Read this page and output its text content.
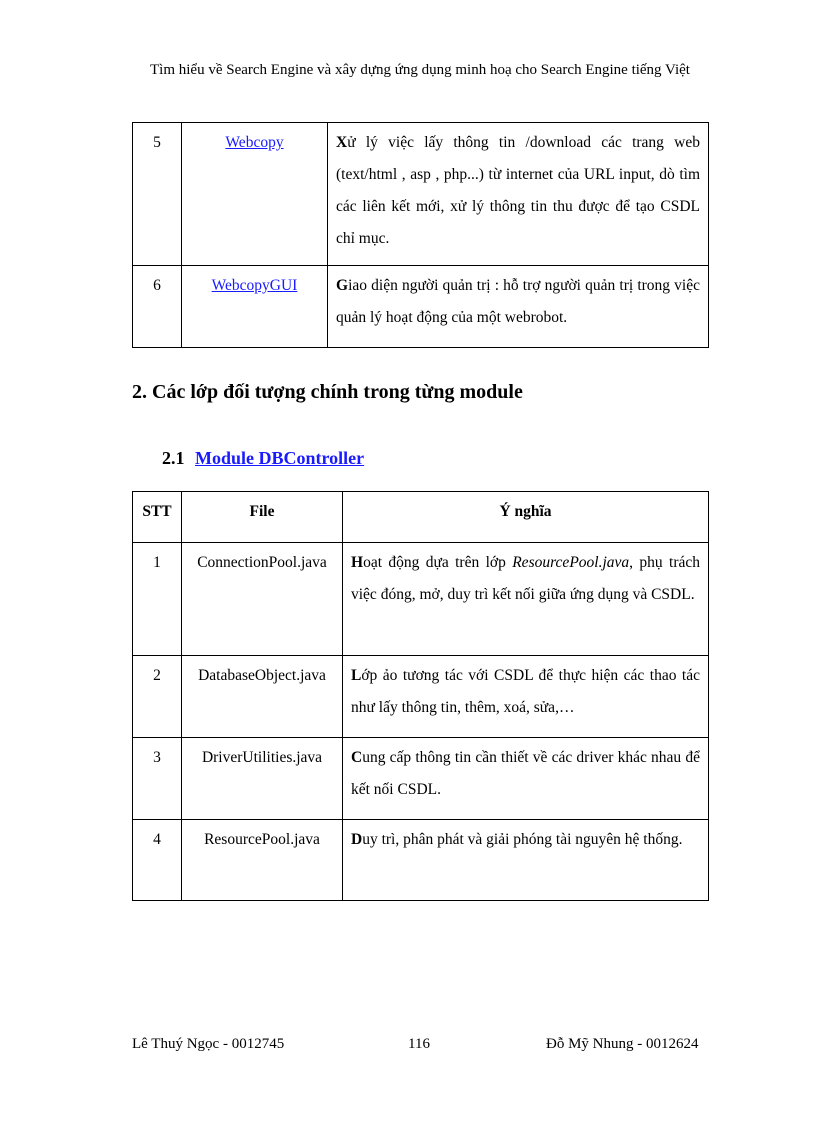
Tìm hiểu về Search Engine và xây dựng ứng dụng minh hoạ cho Search Engine tiếng Việt
5	Webcopy	Xử lý việc lấy thông tin /download các trang web (text/html , asp , php...) từ internet của URL input, dò tìm các liên kết mới, xử lý thông tin thu được để tạo CSDL chỉ mục.
6	WebcopyGUI	Giao diện người quản trị : hỗ trợ người quản trị trong việc quản lý hoạt động của một webrobot.
2. Các lớp đối tượng chính trong từng module
2.1 Module DBController
STT	File	Ý nghĩa
1	ConnectionPool.java	Hoạt động dựa trên lớp ResourcePool.java, phụ trách việc đóng, mở, duy trì kết nối giữa ứng dụng và CSDL.
2	DatabaseObject.java	Lớp ảo tương tác với CSDL để thực hiện các thao tác như lấy thông tin, thêm, xoá, sửa,…
3	DriverUtilities.java	Cung cấp thông tin cần thiết về các driver khác nhau để kết nối CSDL.
4	ResourcePool.java	Duy trì, phân phát và giải phóng tài nguyên hệ thống.
Lê Thuý Ngọc - 0012745	116	Đỗ Mỹ Nhung - 0012624
